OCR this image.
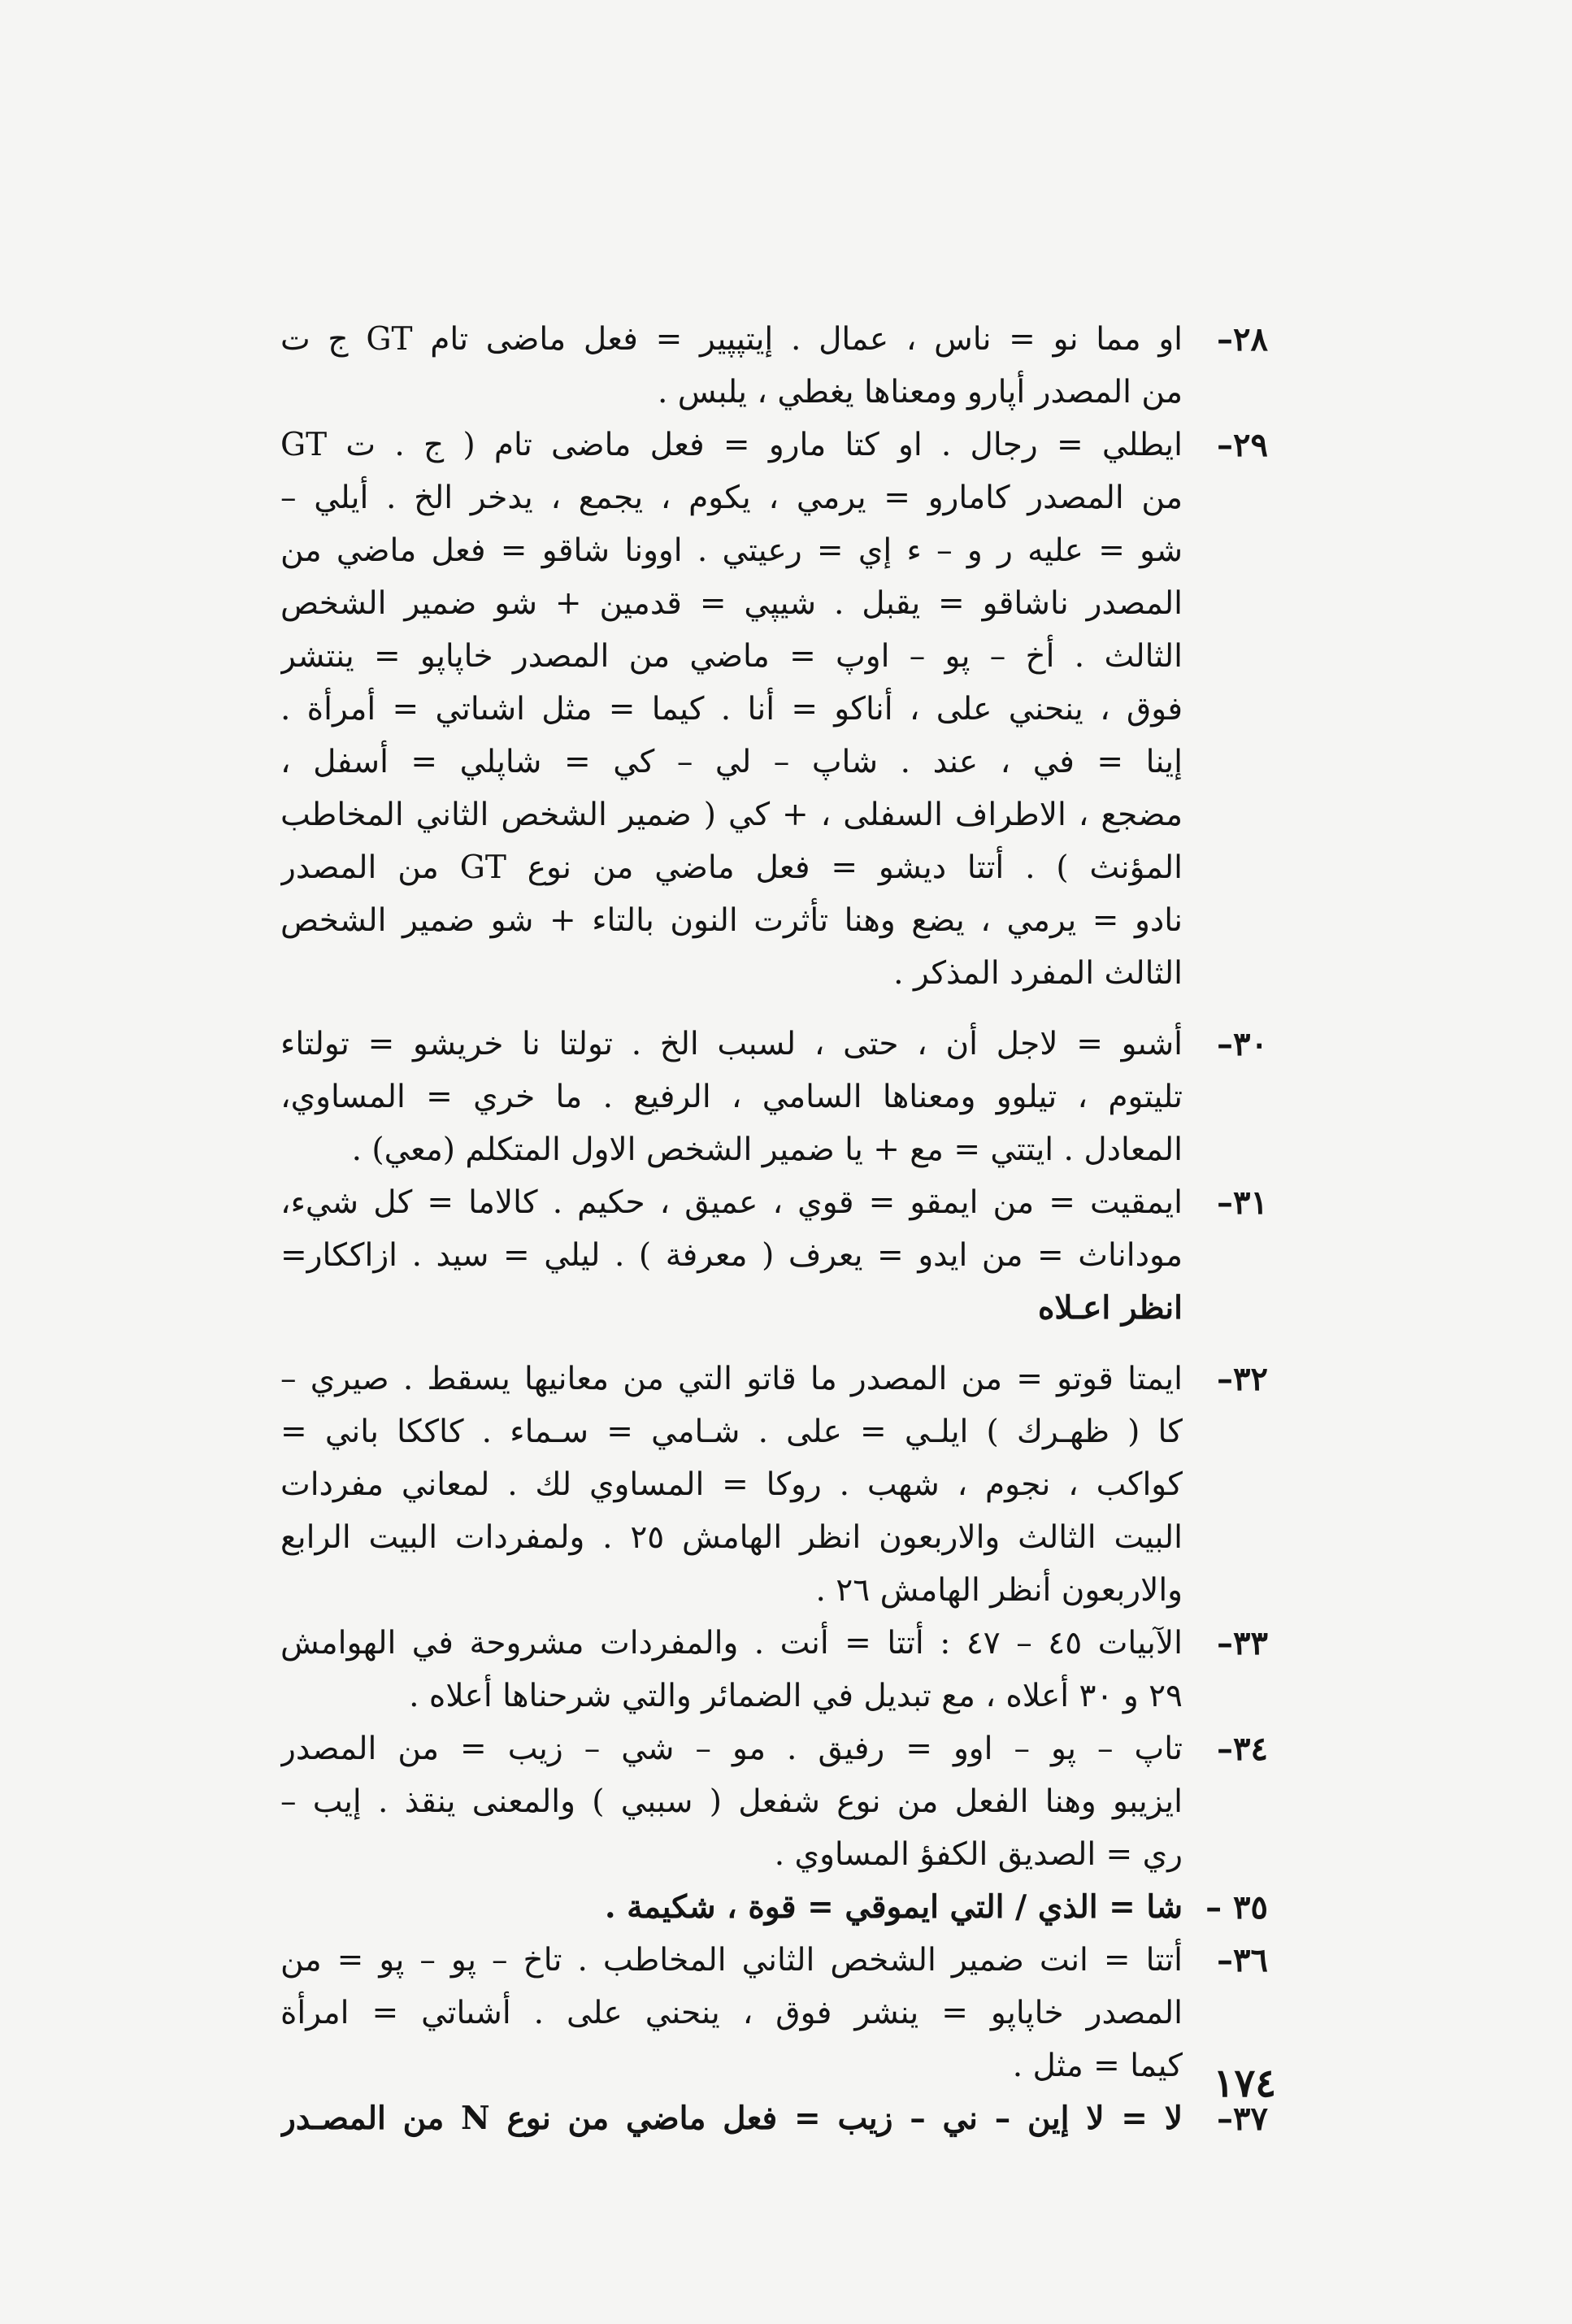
٢٨–
او مما نو = ناس ، عمال . إيتپپير = فعل ماضى تام GT ج ت
من المصدر أپارو ومعناها يغطي ، يلبس .
٢٩–
ايطلي = رجال . او كتا مارو = فعل ماضى تام ( ج . ت GT
من المصدر كامارو = يرمي ، يكوم ، يجمع ، يدخر الخ . أيلي –
شو = عليه ر و – ء إي = رعيتي . اوونا شاقو = فعل ماضي من
المصدر ناشاقو = يقبل . شيپي = قدمين + شو ضمير الشخص
الثالث . أخ – پو – اوپ = ماضي من المصدر خاپاپو = ينتشر
فوق ، ينحني على ، أناكو = أنا . كيما = مثل اشىاتي = أمرأة .
إينا = في ، عند . شاپ – لي – كي = شاپلي = أسفل ،
مضجع ، الاطراف السفلى ، + كي ( ضمير الشخص الثاني المخاطب
المؤنث ) . أتتا ديشو = فعل ماضي من نوع GT من المصدر
نادو = يرمي ، يضع وهنا تأثرت النون بالتاء + شو ضمير الشخص
الثالث المفرد المذكر .
٣٠–
أشىو = لاجل أن ، حتى ، لسبب الخ . تولتا نا خريشو = تولتاء
تليتوم ، تيلوو ومعناها السامي ، الرفيع . ما خري = المساوي،
المعادل . ايتتي = مع + يا ضمير الشخص الاول المتكلم (معي) .
٣١–
ايمقيت = من ايمقو = قوي ، عميق ، حكيم . كالاما = كل شيء،
موداناث = من ايدو = يعرف ( معرفة ) . ليلي = سيد . ازاككار=
انظر اعـلاه
٣٢–
ايمتا قوتو = من المصدر ما قاتو التي من معانيها يسقط . صيري –
كا ( ظهـرك ) ايلـي = على . شـامي = سـماء . كاككا باني =
كواكب ، نجوم ، شهب . روكا = المساوي لك . لمعاني مفردات
البيت الثالث والاربعون انظر الهامش ٢٥ . ولمفردات البيت الرابع
والاربعون أنظر الهامش ٢٦ .
٣٣–
الآبيات ٤٥ – ٤٧ : أتتا = أنت . والمفردات مشروحة في الهوامش
٢٩ و ٣٠ أعلاه ، مع تبديل في الضمائر والتي شرحناها أعلاه .
٣٤–
تاپ – پو – اوو = رفيق . مو – شي – زيب = من المصدر
ايزيبو وهنا الفعل من نوع شفعل ( سببي ) والمعنى ينقذ . إيب –
ري = الصديق الكفؤ المساوي .
٣٥ –
شا = الذي / التي ايموقي = قوة ، شكيمة .
٣٦–
أتتا = انت ضمير الشخص الثاني المخاطب . تاخ – پو – پو = من
المصدر خاپاپو = ينشر فوق ، ينحني على . أشىاتي = امرأة
كيما = مثل .
٣٧–
لا = لا إين – ني – زيب = فعل ماضي من نوع N من المصـدر
١٧٤
